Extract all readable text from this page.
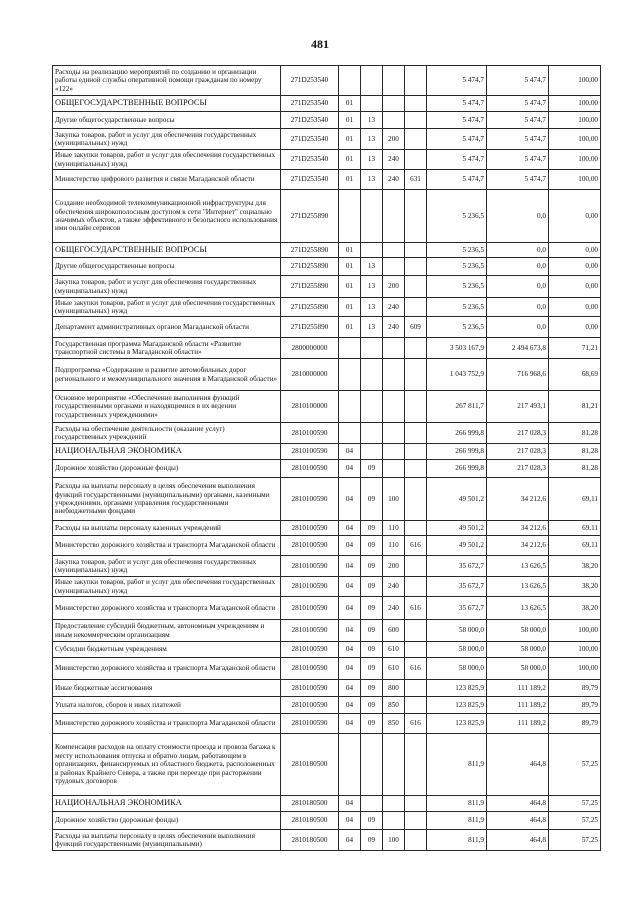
481
Расходы на реализацию мероприятий по созданию и организации работы единой службы оперативной помощи гражданам по номеру «122»	271D253540					5 474,7	5 474,7	100,00
ОБЩЕГОСУДАРСТВЕННЫЕ ВОПРОСЫ	271D253540	01				5 474,7	5 474,7	100,00
Другие общегосударственные вопросы	271D253540	01	13			5 474,7	5 474,7	100,00
Закупка товаров, работ и услуг для обеспечения государственных (муниципальных) нужд	271D253540	01	13	200		5 474,7	5 474,7	100,00
Иные закупки товаров, работ и услуг для обеспечения государственных (муниципальных) нужд	271D253540	01	13	240		5 474,7	5 474,7	100,00
Министерство цифрового развития и связи Магаданской области	271D253540	01	13	240	631	5 474,7	5 474,7	100,00
Создание необходимой телекоммуникационной инфраструктуры для обеспечения широкополосным доступом к сети "Интернет" социально значимых объектов, а также эффективного и безопасного использования ими онлайн сервисов	271D255890					5 236,5	0,0	0,00
ОБЩЕГОСУДАРСТВЕННЫЕ ВОПРОСЫ	271D255890	01				5 236,5	0,0	0,00
Другие общегосударственные вопросы	271D255890	01	13			5 236,5	0,0	0,00
Закупка товаров, работ и услуг для обеспечения государственных (муниципальных) нужд	271D255890	01	13	200		5 236,5	0,0	0,00
Иные закупки товаров, работ и услуг для обеспечения государственных (муниципальных) нужд	271D255890	01	13	240		5 236,5	0,0	0,00
Департамент административных органов Магаданской области	271D255890	01	13	240	609	5 236,5	0,0	0,00
Государственная программа Магаданской области «Развитие транспортной системы в Магаданской области»	2800000000					3 503 167,9	2 494 673,8	71,21
Подпрограмма «Содержание и развитие автомобильных дорог регионального и межмуниципального значения в Магаданской области»	2810000000					1 043 752,9	716 968,6	68,69
Основное мероприятие «Обеспечение выполнения функций государственными органами и находящимися в их ведении государственных учреждениями»	2810100000					267 811,7	217 493,1	81,21
Расходы на обеспечение деятельности (оказание услуг) государственных учреждений	2810100590					266 999,8	217 028,3	81,28
НАЦИОНАЛЬНАЯ ЭКОНОМИКА	2810100590	04				266 999,8	217 028,3	81,28
Дорожное хозяйство (дорожные фонды)	2810100590	04	09			266 999,8	217 028,3	81,28
Расходы на выплаты персоналу в целях обеспечения выполнения функций государственными (муниципальными) органами, казенными учреждениями, органами управления государственными внебюджетными фондами	2810100590	04	09	100		49 501,2	34 212,6	69,11
Расходы на выплаты персоналу казенных учреждений	2810100590	04	09	110		49 501,2	34 212,6	69,11
Министерство дорожного хозяйства и транспорта Магаданской области	2810100590	04	09	110	616	49 501,2	34 212,6	69,11
Закупка товаров, работ и услуг для обеспечения государственных (муниципальных) нужд	2810100590	04	09	200		35 672,7	13 626,5	38,20
Иные закупки товаров, работ и услуг для обеспечения государственных (муниципальных) нужд	2810100590	04	09	240		35 672,7	13 626,5	38,20
Министерство дорожного хозяйства и транспорта Магаданской области	2810100590	04	09	240	616	35 672,7	13 626,5	38,20
Предоставление субсидий бюджетным, автономным учреждениям и иным некоммерческим организациям	2810100590	04	09	600		58 000,0	58 000,0	100,00
Субсидии бюджетным учреждениям	2810100590	04	09	610		58 000,0	58 000,0	100,00
Министерство дорожного хозяйства и транспорта Магаданской области	2810100590	04	09	610	616	58 000,0	58 000,0	100,00
Иные бюджетные ассигнования	2810100590	04	09	800		123 825,9	111 189,2	89,79
Уплата налогов, сборов и иных платежей	2810100590	04	09	850		123 825,9	111 189,2	89,79
Министерство дорожного хозяйства и транспорта Магаданской области	2810100590	04	09	850	616	123 825,9	111 189,2	89,79
Компенсация расходов на оплату стоимости проезда и провоза багажа к месту использования отпуска и обратно лицам, работающим в организациях, финансируемых из областного бюджета, расположенных в районах Крайнего Севера, а также при переезде при расторжении трудовых договоров	2810180500					811,9	464,8	57,25
НАЦИОНАЛЬНАЯ ЭКОНОМИКА	2810180500	04				811,9	464,8	57,25
Дорожное хозяйство (дорожные фонды)	2810180500	04	09			811,9	464,8	57,25
Расходы на выплаты персоналу в целях обеспечения выполнения функций государственными (муниципальными)	2810180500	04	09	100		811,9	464,8	57,25
